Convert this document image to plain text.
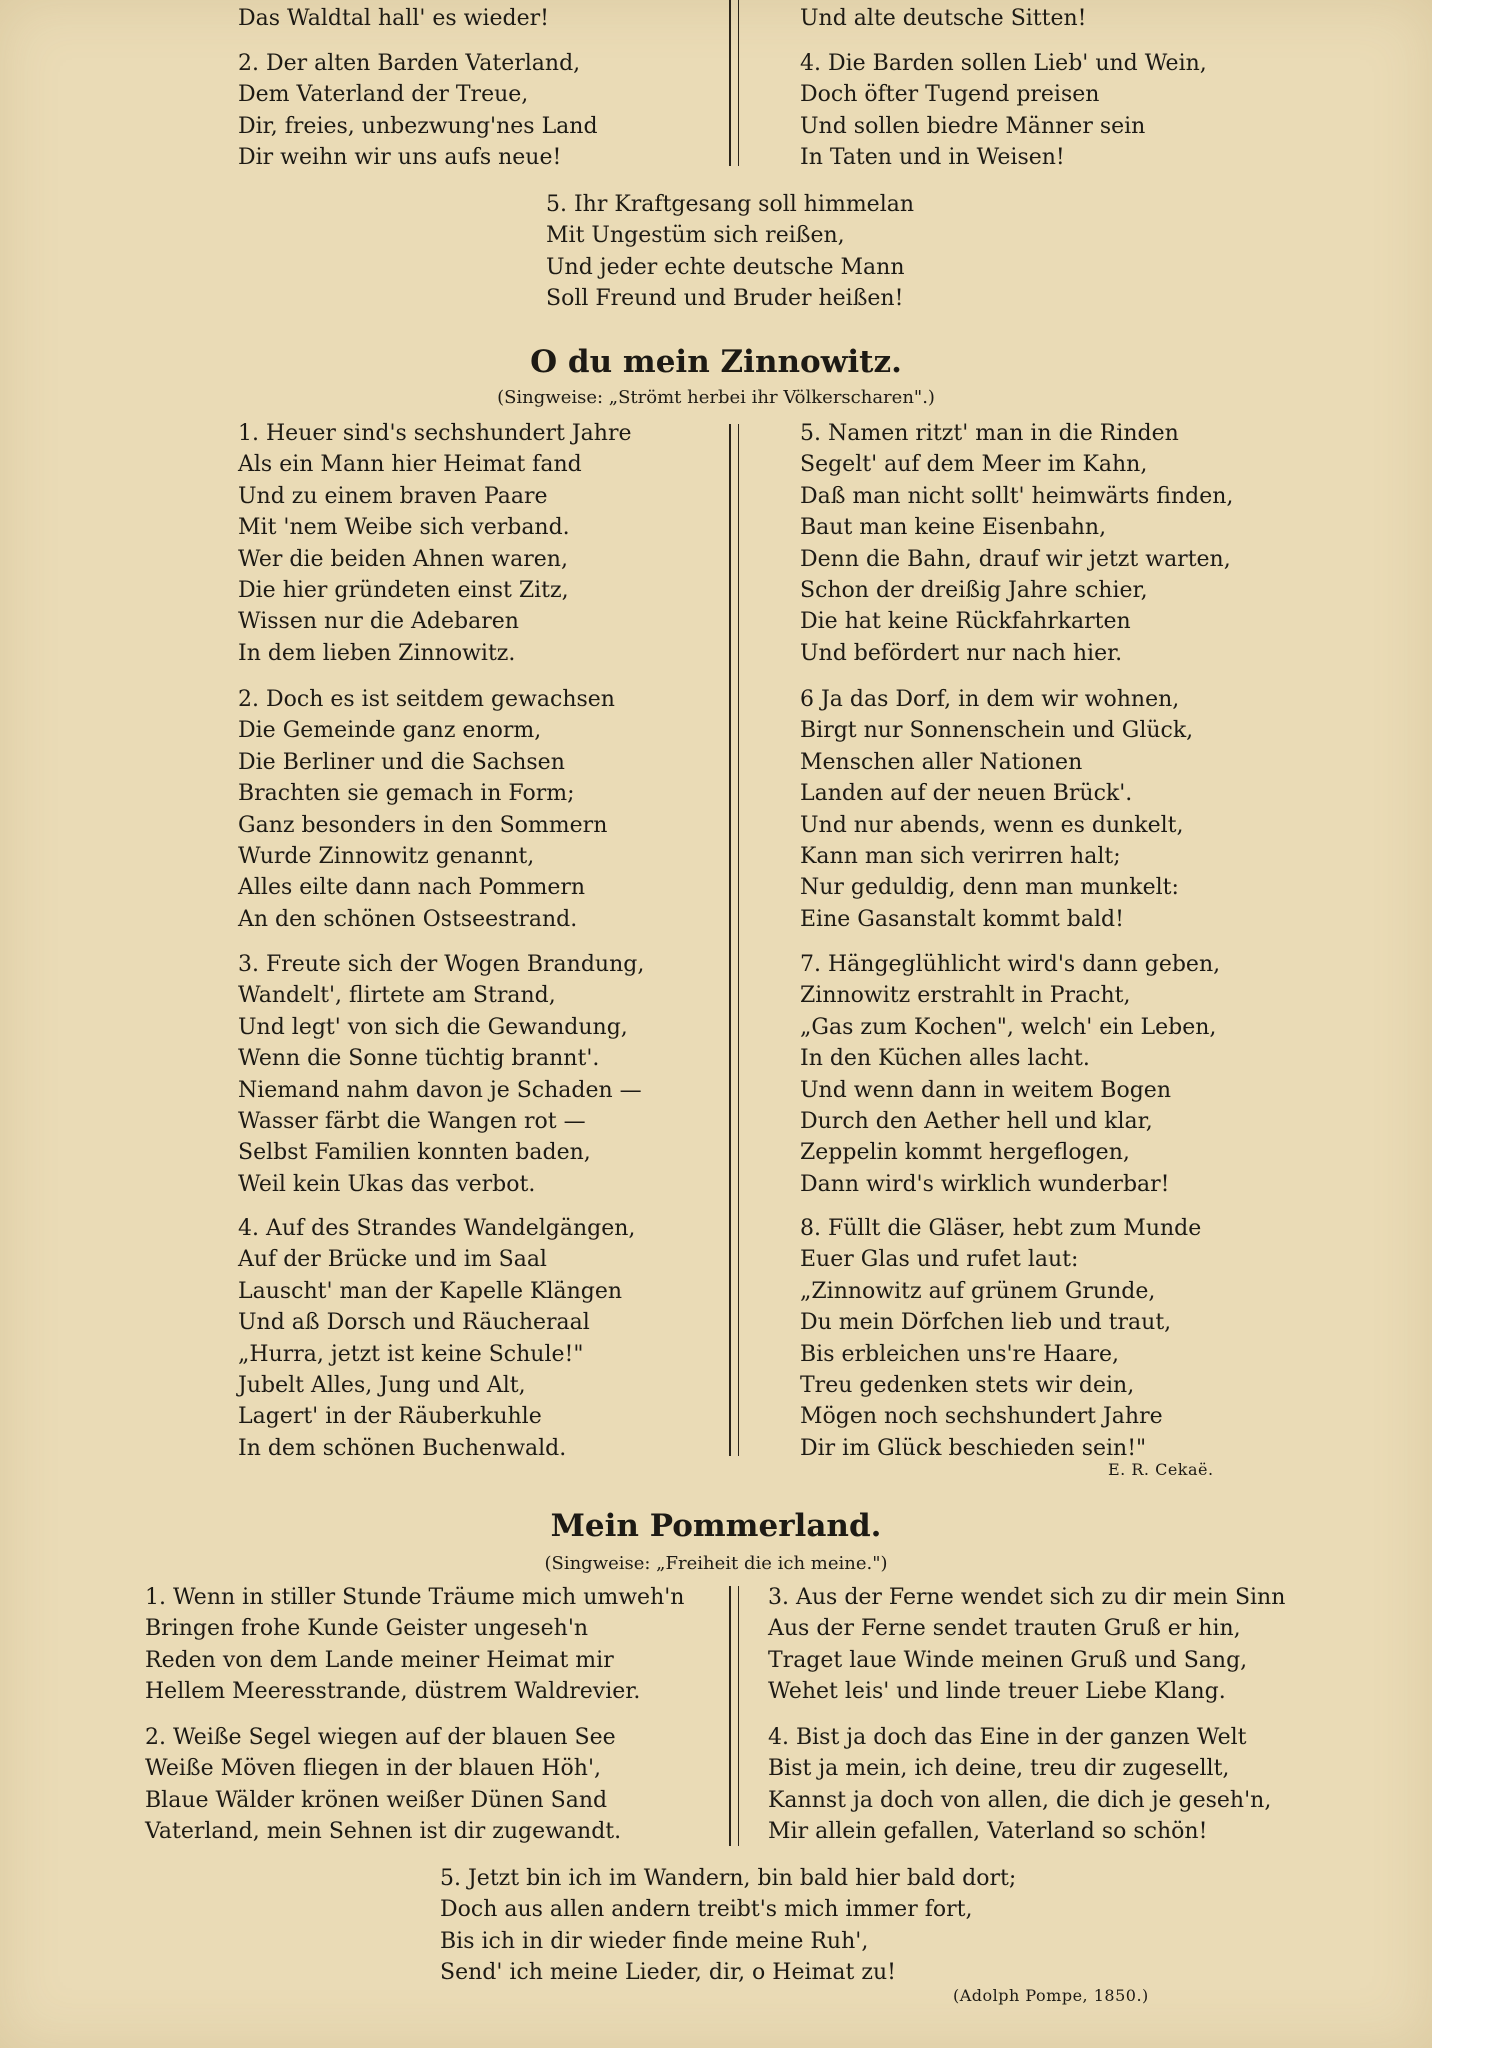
Das Waldtal hall' es wieder!	Und alte deutsche Sitten!
2. Der alten Barden Vaterland,
Dem Vaterland der Treue,
Dir, freies, unbezwung'nes Land
Dir weihn wir uns aufs neue!
4. Die Barden sollen Lieb' und Wein,
Doch öfter Tugend preisen
Und sollen biedre Männer sein
In Taten und in Weisen!
5. Ihr Kraftgesang soll himmelan
Mit Ungestüm sich reißen,
Und jeder echte deutsche Mann
Soll Freund und Bruder heißen!
O du mein Zinnowitz.
(Singweise: „Strömt herbei ihr Völkerscharen".)
1. Heuer sind's sechshundert Jahre
Als ein Mann hier Heimat fand
Und zu einem braven Paare
Mit 'nem Weibe sich verband.
Wer die beiden Ahnen waren,
Die hier gründeten einst Zitz,
Wissen nur die Adebaren
In dem lieben Zinnowitz.
2. Doch es ist seitdem gewachsen
Die Gemeinde ganz enorm,
Die Berliner und die Sachsen
Brachten sie gemach in Form;
Ganz besonders in den Sommern
Wurde Zinnowitz genannt,
Alles eilte dann nach Pommern
An den schönen Ostseestrand.
3. Freute sich der Wogen Brandung,
Wandelt', flirtete am Strand,
Und legt' von sich die Gewandung,
Wenn die Sonne tüchtig brannt'.
Niemand nahm davon je Schaden —
Wasser färbt die Wangen rot —
Selbst Familien konnten baden,
Weil kein Ukas das verbot.
4. Auf des Strandes Wandelgängen,
Auf der Brücke und im Saal
Lauscht' man der Kapelle Klängen
Und aß Dorsch und Räucheraal
„Hurra, jetzt ist keine Schule!"
Jubelt Alles, Jung und Alt,
Lagert' in der Räuberkuhle
In dem schönen Buchenwald.
5. Namen ritzt' man in die Rinden
Segelt' auf dem Meer im Kahn,
Daß man nicht sollt' heimwärts finden,
Baut man keine Eisenbahn,
Denn die Bahn, drauf wir jetzt warten,
Schon der dreißig Jahre schier,
Die hat keine Rückfahrkarten
Und befördert nur nach hier.
6 Ja das Dorf, in dem wir wohnen,
Birgt nur Sonnenschein und Glück,
Menschen aller Nationen
Landen auf der neuen Brück'.
Und nur abends, wenn es dunkelt,
Kann man sich verirren halt;
Nur geduldig, denn man munkelt:
Eine Gasanstalt kommt bald!
7. Hängeglühlicht wird's dann geben,
Zinnowitz erstrahlt in Pracht,
„Gas zum Kochen", welch' ein Leben,
In den Küchen alles lacht.
Und wenn dann in weitem Bogen
Durch den Aether hell und klar,
Zeppelin kommt hergeflogen,
Dann wird's wirklich wunderbar!
8. Füllt die Gläser, hebt zum Munde
Euer Glas und rufet laut:
„Zinnowitz auf grünem Grunde,
Du mein Dörfchen lieb und traut,
Bis erbleichen uns're Haare,
Treu gedenken stets wir dein,
Mögen noch sechshundert Jahre
Dir im Glück beschieden sein!"
E. R. Cekaë.
Mein Pommerland.
(Singweise: „Freiheit die ich meine.")
1. Wenn in stiller Stunde Träume mich umweh'n
Bringen frohe Kunde Geister ungeseh'n
Reden von dem Lande meiner Heimat mir
Hellem Meeresstrande, düstrem Waldrevier.
2. Weiße Segel wiegen auf der blauen See
Weiße Möven fliegen in der blauen Höh',
Blaue Wälder krönen weißer Dünen Sand
Vaterland, mein Sehnen ist dir zugewandt.
3. Aus der Ferne wendet sich zu dir mein Sinn
Aus der Ferne sendet trauten Gruß er hin,
Traget laue Winde meinen Gruß und Sang,
Wehet leis' und linde treuer Liebe Klang.
4. Bist ja doch das Eine in der ganzen Welt
Bist ja mein, ich deine, treu dir zugesellt,
Kannst ja doch von allen, die dich je geseh'n,
Mir allein gefallen, Vaterland so schön!
5. Jetzt bin ich im Wandern, bin bald hier bald dort;
Doch aus allen andern treibt's mich immer fort,
Bis ich in dir wieder finde meine Ruh',
Send' ich meine Lieder, dir, o Heimat zu!
(Adolph Pompe, 1850.)
